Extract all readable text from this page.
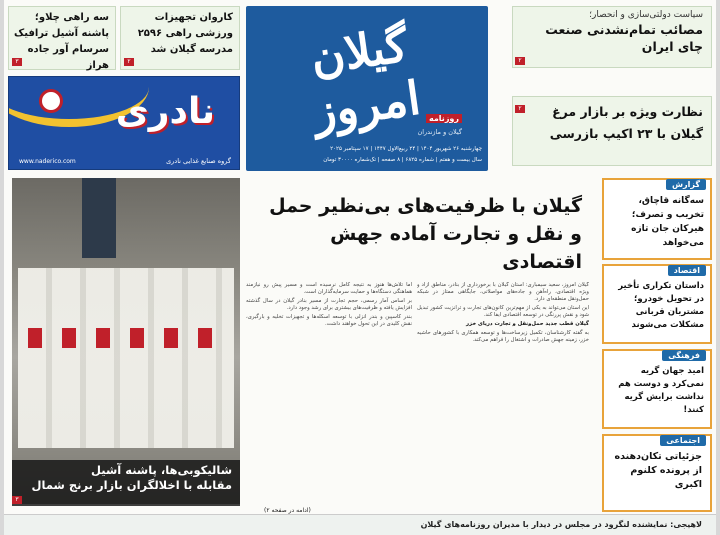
سیاست دولتی‌سازی و انحصار؛
مصائب تمام‌نشدنی صنعت چای ایران
۲
نظارت ویژه بر بازار مرغ گیلان با ۲۳ اکیپ بازرسی
۲
گیلان امروز روزنامه
گیلان و مازندران
چهارشنبه ۲۶ شهریور ۱۴۰۴ | ۲۴ ربیع‌الاول ۱۴۴۷ | ۱۷ سپتامبر ۲۰۲۵
سال بیست و هفتم | شماره ۶۸۲۵ | ۸ صفحه | تک‌شماره ۳۰۰۰۰ تومان
کاروان تجهیزات ورزشی راهی ۲۵۹۶ مدرسه گیلان شد
۲
سه راهی چلاو؛ پاشنه آشیل ترافیک سرسام آور جاده هراز
۳
نادری
گروه صنایع غذایی نادری
www.naderico.com
گیلان با ظرفیت‌های بی‌نظیر حمل و نقل و تجارت آماده جهش اقتصادی

گیلان امروز، سعید سیمباری: استان گیلان با برخورداری از بنادر، مناطق آزاد و ویژه اقتصادی، راه‌آهن و جاده‌های مواصلاتی، جایگاهی ممتاز در شبکه حمل‌ونقل منطقه‌ای دارد.

این استان می‌تواند به یکی از مهم‌ترین کانون‌های تجارت و ترانزیت کشور تبدیل شود و نقش پررنگی در توسعه اقتصادی ایفا کند.

گیلان قطب جدید حمل‌ونقل و تجارت دریای خزر

به گفته کارشناسان، تکمیل زیرساخت‌ها و توسعه همکاری با کشورهای حاشیه خزر، زمینه جهش صادرات و اشتغال را فراهم می‌کند.

اما تلاش‌ها هنوز به نتیجه کامل نرسیده است و مسیر پیش رو نیازمند هماهنگی دستگاه‌ها و حمایت سرمایه‌گذاران است.

بر اساس آمار رسمی، حجم تجارت از مسیر بنادر گیلان در سال گذشته افزایش یافته و ظرفیت‌های بیشتری برای رشد وجود دارد.

بندر کاسپین و بندر انزلی با توسعه اسکله‌ها و تجهیزات تخلیه و بارگیری، نقش کلیدی در این تحول خواهند داشت.

(ادامه در صفحه ۲)
شالیکوبی‌ها، پاشنه آشیل
مقابله با اخلالگران بازار برنج شمال
۳
گزارش
سه‌گانه قاچاق، تخریب و تصرف؛ هیرکان جان تازه می‌خواهد
اقتصاد
داستان تکراری تأخیر در تحویل خودرو؛ مشتریان قربانی مشکلات می‌شوند
فرهنگی
امید جهان گریه نمی‌کرد و دوست هم نداشت برایش گریه کنند!
اجتماعی
جزئیاتی تکان‌دهنده از پرونده کلنوم اکبری
لاهیجی: نمایشنده لنگرود در مجلس در دیدار با مدیران روزنامه‌های گیلان
